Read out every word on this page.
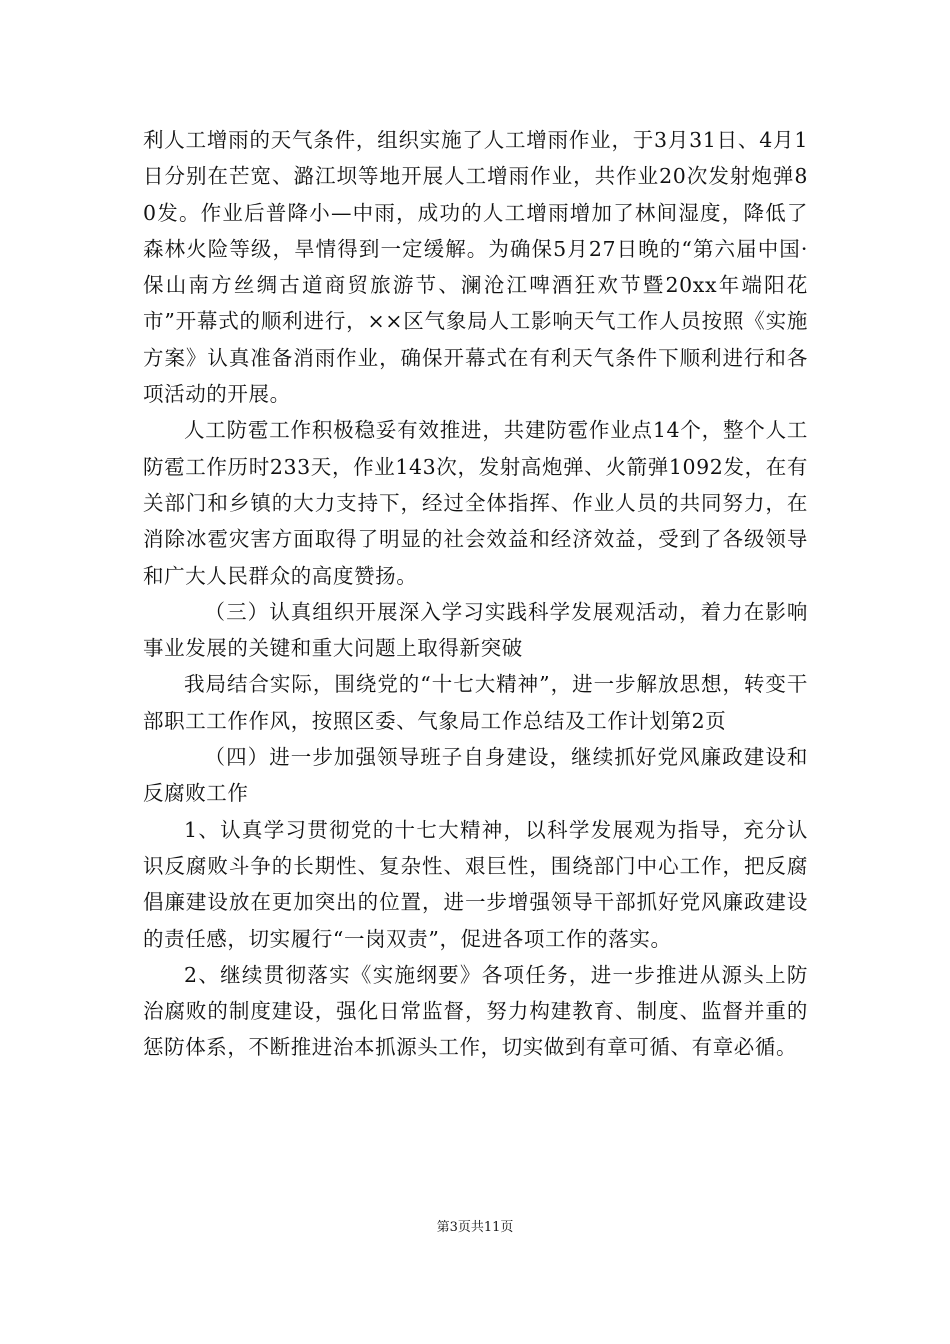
利人工增雨的天气条件，组织实施了人工增雨作业，于3月31日、4月1日分别在芒宽、潞江坝等地开展人工增雨作业，共作业20次发射炮弹80发。作业后普降小—中雨，成功的人工增雨增加了林间湿度，降低了森林火险等级，旱情得到一定缓解。为确保5月27日晚的“第六届中国·保山南方丝绸古道商贸旅游节、澜沧江啤酒狂欢节暨20xx年端阳花市”开幕式的顺利进行，××区气象局人工影响天气工作人员按照《实施方案》认真准备消雨作业，确保开幕式在有利天气条件下顺利进行和各项活动的开展。

人工防雹工作积极稳妥有效推进，共建防雹作业点14个，整个人工防雹工作历时233天，作业143次，发射高炮弹、火箭弹1092发，在有关部门和乡镇的大力支持下，经过全体指挥、作业人员的共同努力，在消除冰雹灾害方面取得了明显的社会效益和经济效益，受到了各级领导和广大人民群众的高度赞扬。

（三）认真组织开展深入学习实践科学发展观活动，着力在影响事业发展的关键和重大问题上取得新突破

我局结合实际，围绕党的“十七大精神”，进一步解放思想，转变干部职工工作作风，按照区委、气象局工作总结及工作计划第2页

（四）进一步加强领导班子自身建设，继续抓好党风廉政建设和反腐败工作

1、认真学习贯彻党的十七大精神，以科学发展观为指导，充分认识反腐败斗争的长期性、复杂性、艰巨性，围绕部门中心工作，把反腐倡廉建设放在更加突出的位置，进一步增强领导干部抓好党风廉政建设的责任感，切实履行“一岗双责”，促进各项工作的落实。

2、继续贯彻落实《实施纲要》各项任务，进一步推进从源头上防治腐败的制度建设，强化日常监督，努力构建教育、制度、监督并重的惩防体系，不断推进治本抓源头工作，切实做到有章可循、有章必循。

第3页共11页
